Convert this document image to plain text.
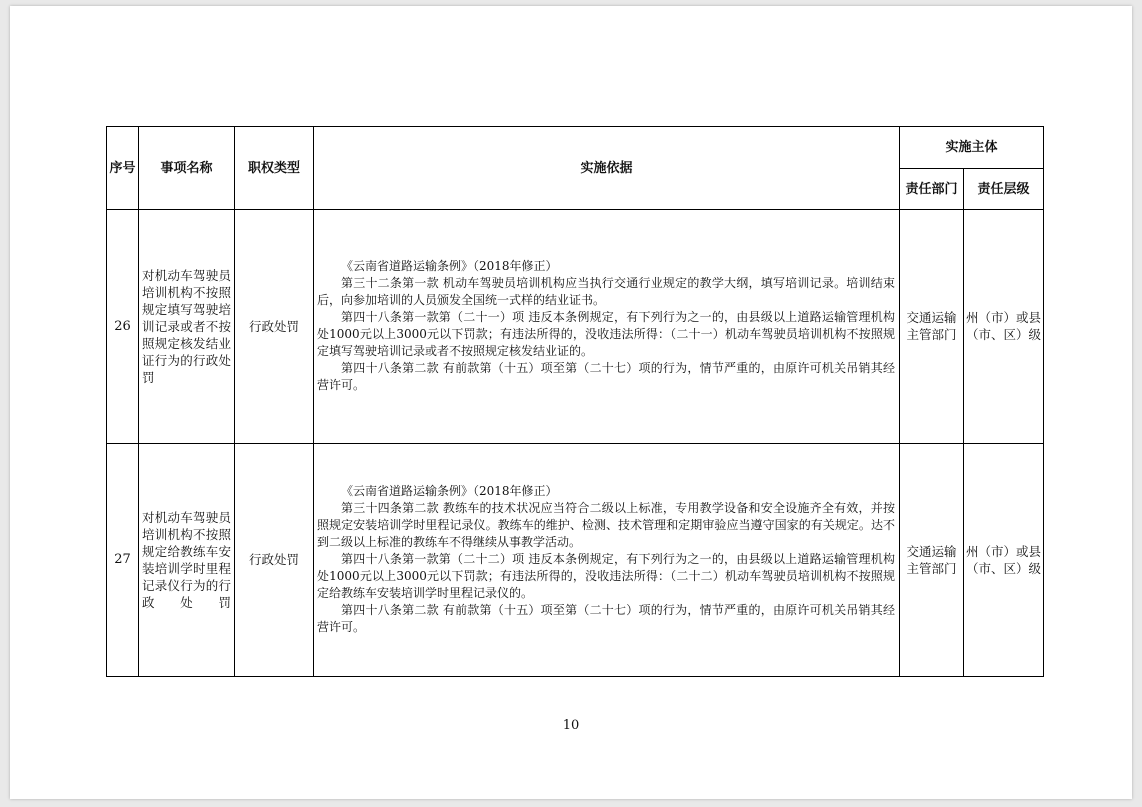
序号	事项名称	职权类型	实施依据	实施主体	
				责任部门	责任层级
26	对机动车驾驶员培训机构不按照规定填写驾驶培训记录或者不按照规定核发结业证行为的行政处罚	行政处罚	《云南省道路运输条例》（2018年修正）

第三十二条第一款 机动车驾驶员培训机构应当执行交通行业规定的教学大纲，填写培训记录。培训结束后，向参加培训的人员颁发全国统一式样的结业证书。

第四十八条第一款第（二十一）项 违反本条例规定，有下列行为之一的，由县级以上道路运输管理机构处1000元以上3000元以下罚款；有违法所得的，没收违法所得：（二十一）机动车驾驶员培训机构不按照规定填写驾驶培训记录或者不按照规定核发结业证的。

第四十八条第二款 有前款第（十五）项至第（二十七）项的行为，情节严重的，由原许可机关吊销其经营许可。	交通运输主管部门	州（市）或县（市、区）级
27	对机动车驾驶员培训机构不按照规定给教练车安装培训学时里程记录仪行为的行政处罚	行政处罚	《云南省道路运输条例》（2018年修正）

第三十四条第二款 教练车的技术状况应当符合二级以上标准，专用教学设备和安全设施齐全有效，并按照规定安装培训学时里程记录仪。教练车的维护、检测、技术管理和定期审验应当遵守国家的有关规定。达不到二级以上标准的教练车不得继续从事教学活动。

第四十八条第一款第（二十二）项 违反本条例规定，有下列行为之一的，由县级以上道路运输管理机构处1000元以上3000元以下罚款；有违法所得的，没收违法所得：（二十二）机动车驾驶员培训机构不按照规定给教练车安装培训学时里程记录仪的。

第四十八条第二款 有前款第（十五）项至第（二十七）项的行为，情节严重的，由原许可机关吊销其经营许可。	交通运输主管部门	州（市）或县（市、区）级
10
